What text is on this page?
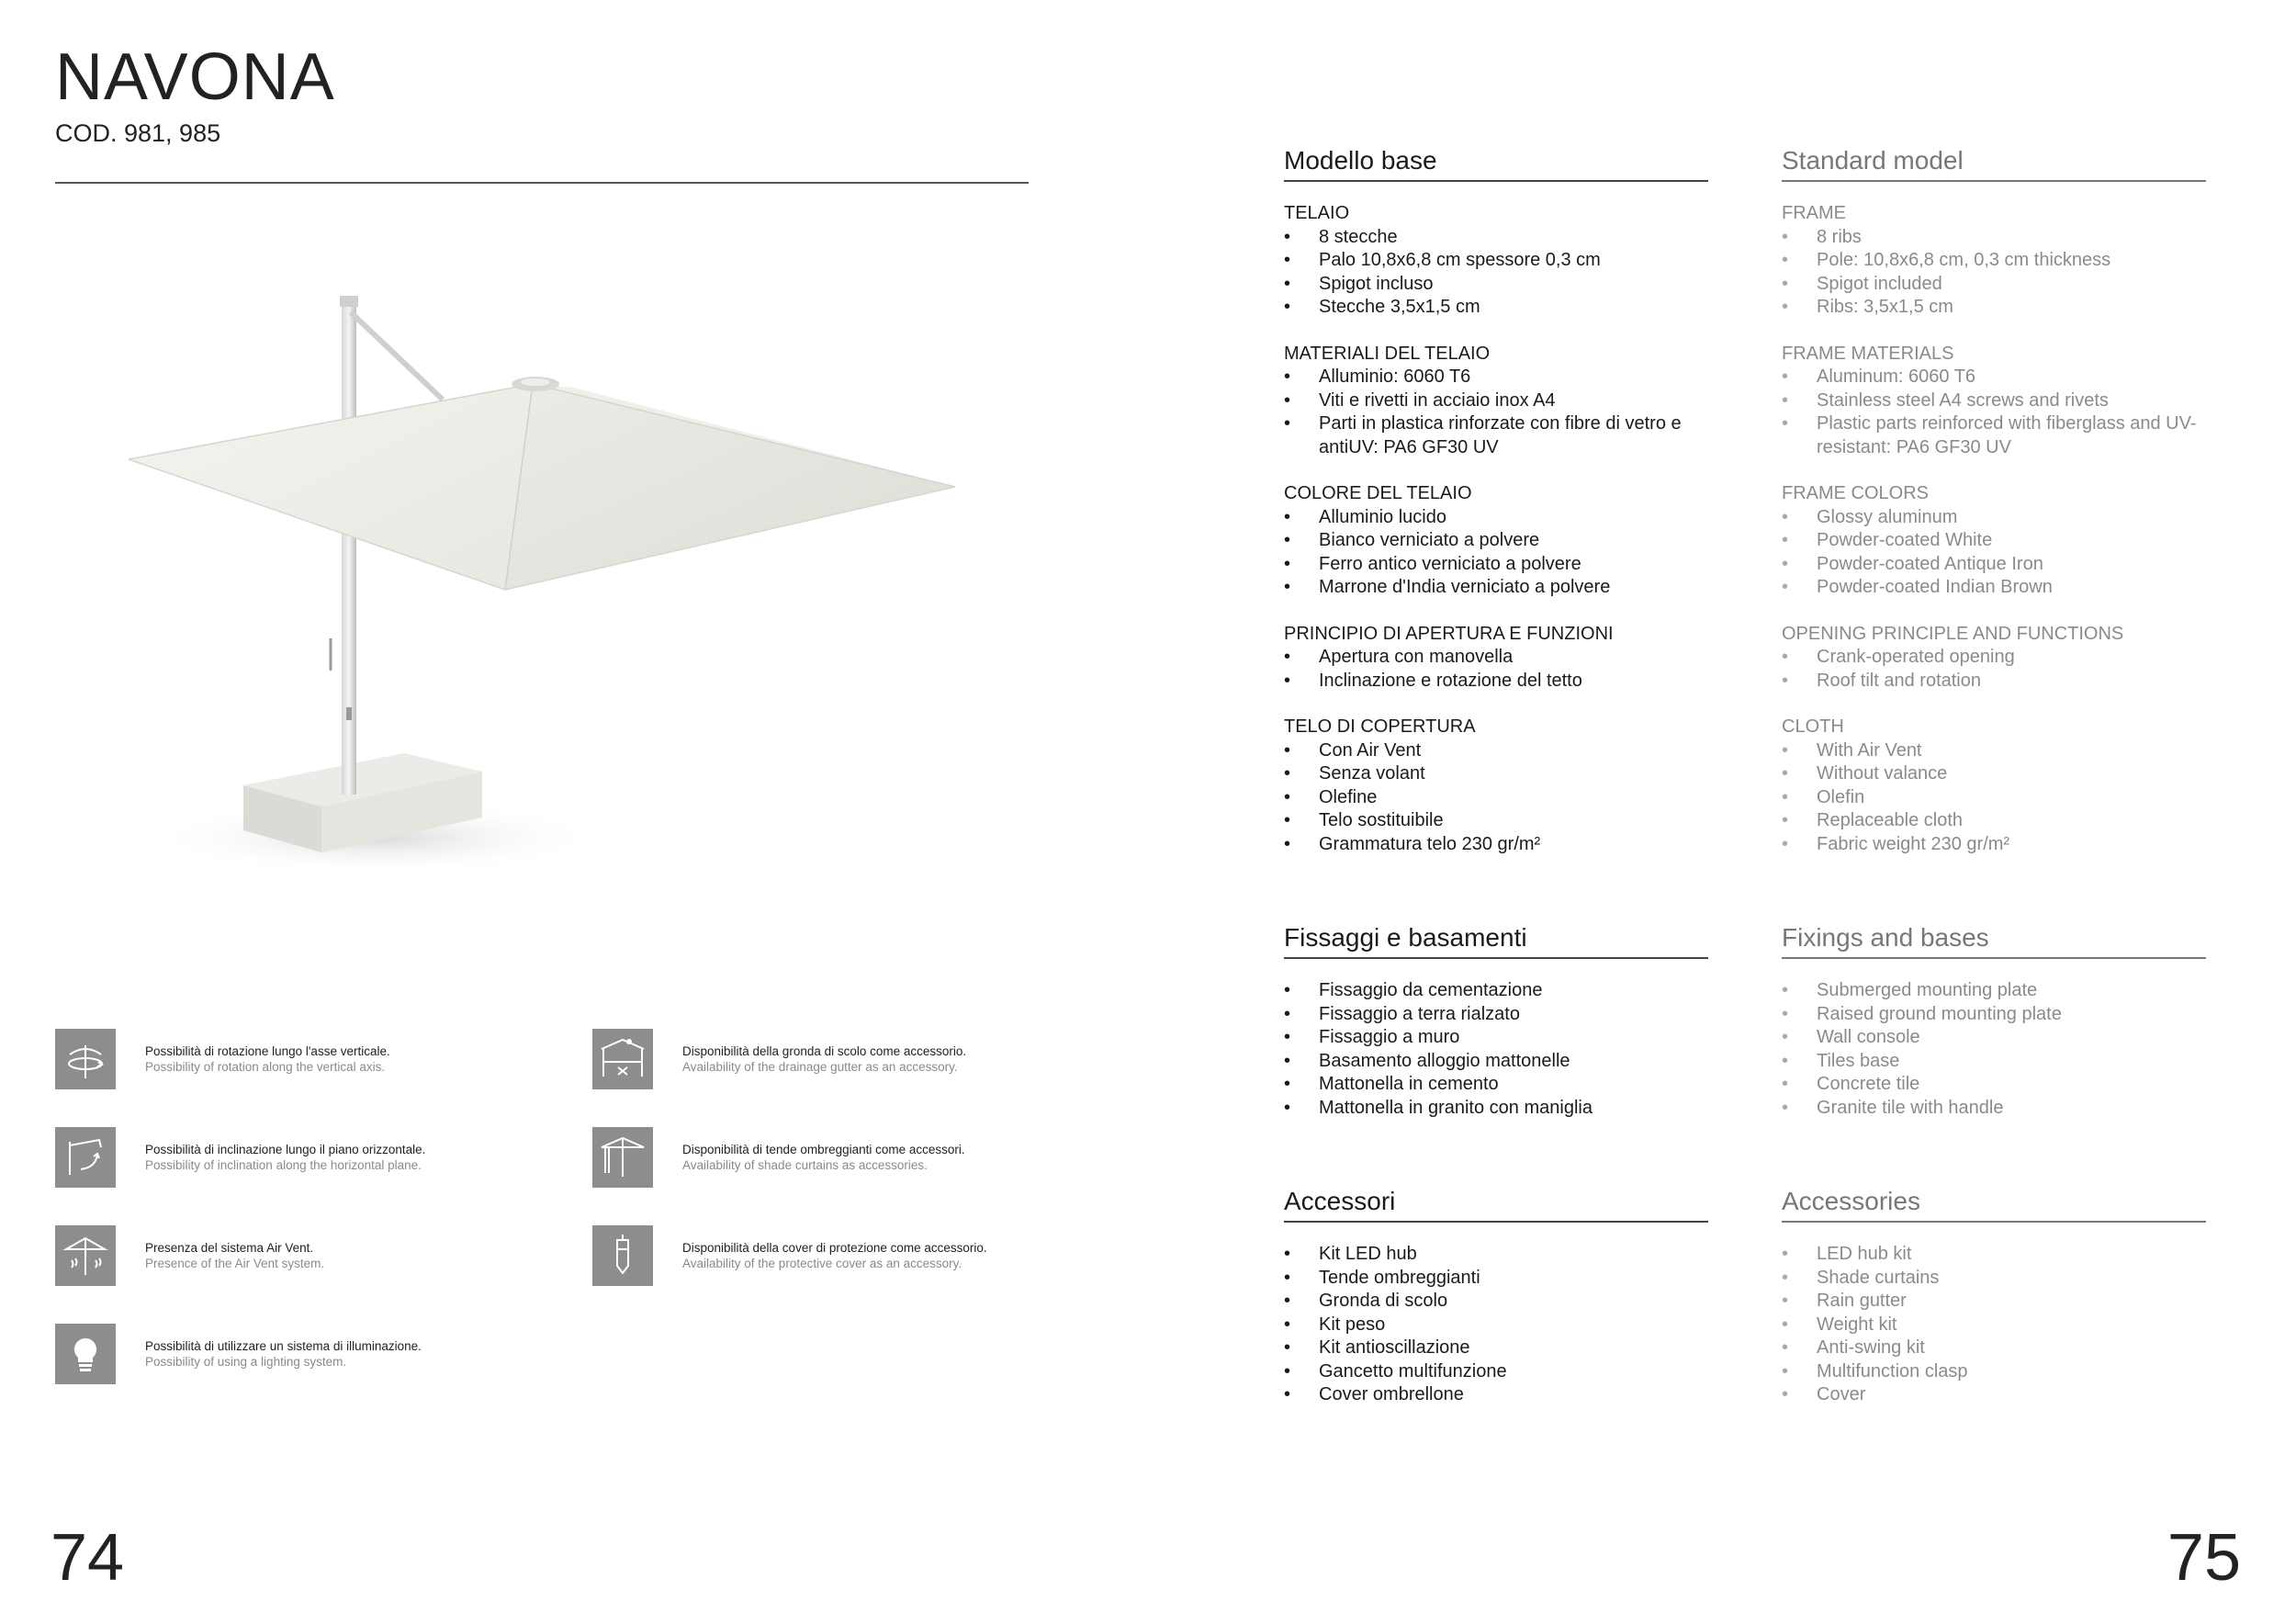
NAVONA
COD. 981, 985
Possibilità di rotazione lungo l'asse verticale.
Possibility of rotation along the vertical axis.
Possibilità di inclinazione lungo il piano orizzontale.
Possibility of inclination along the horizontal plane.
Presenza del sistema Air Vent.
Presence of the Air Vent system.
Possibilità di utilizzare un sistema di illuminazione.
Possibility of using a lighting system.
Disponibilità della gronda di scolo come accessorio.
Availability of the drainage gutter as an accessory.
Disponibilità di tende ombreggianti come accessori.
Availability of shade curtains as accessories.
Disponibilità della cover di protezione come accessorio.
Availability of the protective cover as an accessory.
Modello base
TELAIO
• 8 stecche
• Palo 10,8x6,8 cm spessore 0,3 cm
• Spigot incluso
• Stecche 3,5x1,5 cm
MATERIALI DEL TELAIO
• Alluminio: 6060 T6
• Viti e rivetti in acciaio inox A4
• Parti in plastica rinforzate con fibre di vetro e antiUV: PA6 GF30 UV
COLORE DEL TELAIO
• Alluminio lucido
• Bianco verniciato a polvere
• Ferro antico verniciato a polvere
• Marrone d'India verniciato a polvere
PRINCIPIO DI APERTURA E FUNZIONI
• Apertura con manovella
• Inclinazione e rotazione del tetto
TELO DI COPERTURA
• Con Air Vent
• Senza volant
• Olefine
• Telo sostituibile
• Grammatura telo 230 gr/m²
Fissaggi e basamenti
• Fissaggio da cementazione
• Fissaggio a terra rialzato
• Fissaggio a muro
• Basamento alloggio mattonelle
• Mattonella in cemento
• Mattonella in granito con maniglia
Accessori
• Kit LED hub
• Tende ombreggianti
• Gronda di scolo
• Kit peso
• Kit antioscillazione
• Gancetto multifunzione
• Cover ombrellone
Standard model
FRAME
• 8 ribs
• Pole: 10,8x6,8 cm, 0,3 cm thickness
• Spigot included
• Ribs: 3,5x1,5 cm
FRAME MATERIALS
• Aluminum: 6060 T6
• Stainless steel A4 screws and rivets
• Plastic parts reinforced with fiberglass and UV-resistant: PA6 GF30 UV
FRAME COLORS
• Glossy aluminum
• Powder-coated White
• Powder-coated Antique Iron
• Powder-coated Indian Brown
OPENING PRINCIPLE AND FUNCTIONS
• Crank-operated opening
• Roof tilt and rotation
CLOTH
• With Air Vent
• Without valance
• Olefin
• Replaceable cloth
• Fabric weight 230 gr/m²
Fixings and bases
• Submerged mounting plate
• Raised ground mounting plate
• Wall console
• Tiles base
• Concrete tile
• Granite tile with handle
Accessories
• LED hub kit
• Shade curtains
• Rain gutter
• Weight kit
• Anti-swing kit
• Multifunction clasp
• Cover
74	75
